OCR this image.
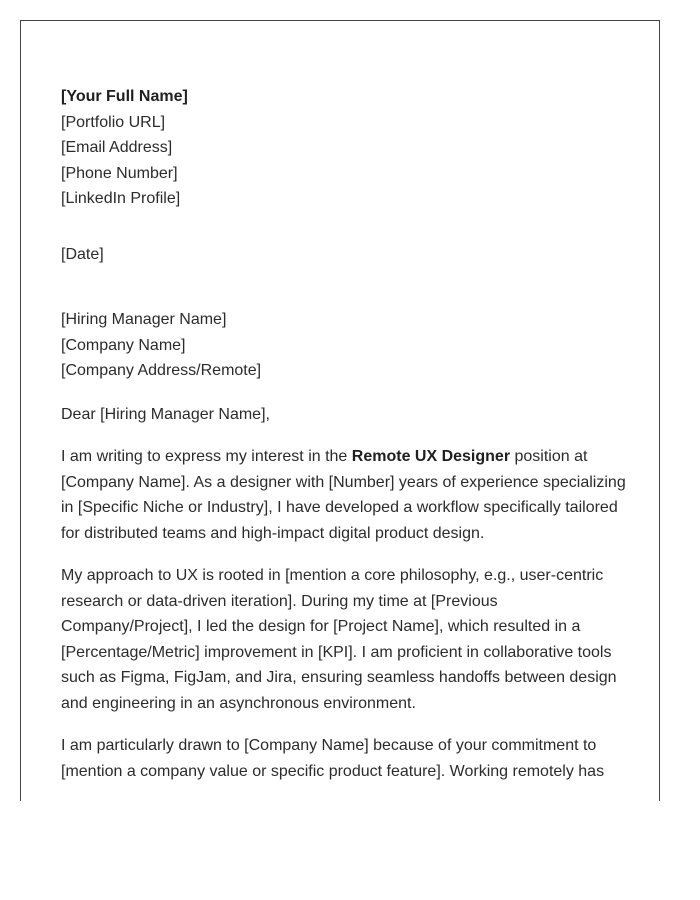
[Your Full Name]
[Portfolio URL]
[Email Address]
[Phone Number]
[LinkedIn Profile]
[Date]
[Hiring Manager Name]
[Company Name]
[Company Address/Remote]
Dear [Hiring Manager Name],

I am writing to express my interest in the Remote UX Designer position at [Company Name]. As a designer with [Number] years of experience specializing in [Specific Niche or Industry], I have developed a workflow specifically tailored for distributed teams and high-impact digital product design.

My approach to UX is rooted in [mention a core philosophy, e.g., user-centric research or data-driven iteration]. During my time at [Previous Company/Project], I led the design for [Project Name], which resulted in a [Percentage/Metric] improvement in [KPI]. I am proficient in collaborative tools such as Figma, FigJam, and Jira, ensuring seamless handoffs between design and engineering in an asynchronous environment.

I am particularly drawn to [Company Name] because of your commitment to [mention a company value or specific product feature]. Working remotely has
